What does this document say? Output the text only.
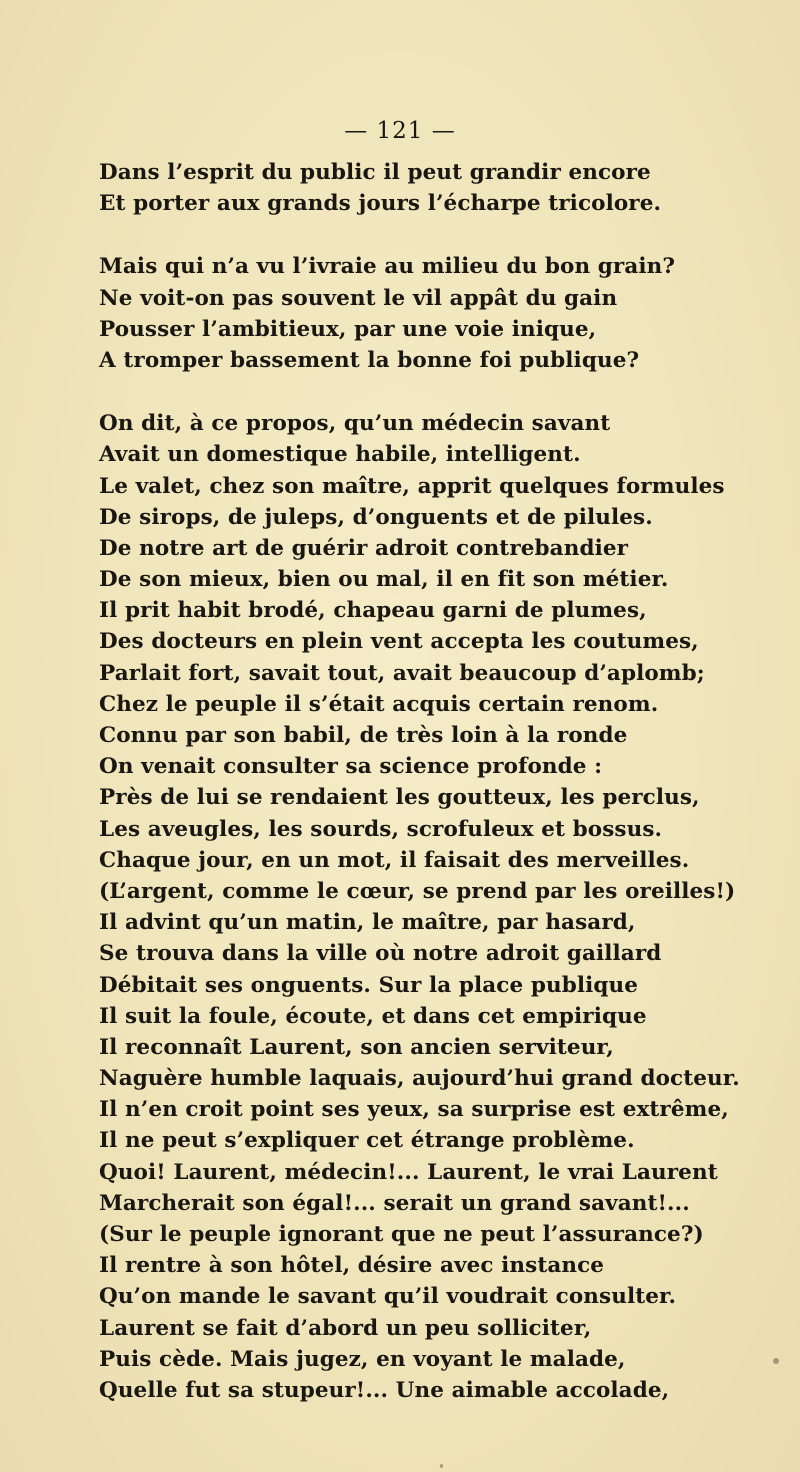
— 121 —
Dans l’esprit du public il peut grandir encore
Et porter aux grands jours l’écharpe tricolore.
Mais qui n’a vu l’ivraie au milieu du bon grain?
Ne voit-on pas souvent le vil appât du gain
Pousser l’ambitieux, par une voie inique,
A tromper bassement la bonne foi publique?
On dit, à ce propos, qu’un médecin savant
Avait un domestique habile, intelligent.
Le valet, chez son maître, apprit quelques formules
De sirops, de juleps, d’onguents et de pilules.
De notre art de guérir adroit contrebandier
De son mieux, bien ou mal, il en fit son métier.
Il prit habit brodé, chapeau garni de plumes,
Des docteurs en plein vent accepta les coutumes,
Parlait fort, savait tout, avait beaucoup d’aplomb;
Chez le peuple il s’était acquis certain renom.
Connu par son babil, de très loin à la ronde
On venait consulter sa science profonde :
Près de lui se rendaient les goutteux, les perclus,
Les aveugles, les sourds, scrofuleux et bossus.
Chaque jour, en un mot, il faisait des merveilles.
(L’argent, comme le cœur, se prend par les oreilles!)
Il advint qu’un matin, le maître, par hasard,
Se trouva dans la ville où notre adroit gaillard
Débitait ses onguents. Sur la place publique
Il suit la foule, écoute, et dans cet empirique
Il reconnaît Laurent, son ancien serviteur,
Naguère humble laquais, aujourd’hui grand docteur.
Il n’en croit point ses yeux, sa surprise est extrême,
Il ne peut s’expliquer cet étrange problème.
Quoi! Laurent, médecin!... Laurent, le vrai Laurent
Marcherait son égal!... serait un grand savant!...
(Sur le peuple ignorant que ne peut l’assurance?)
Il rentre à son hôtel, désire avec instance
Qu’on mande le savant qu’il voudrait consulter.
Laurent se fait d’abord un peu solliciter,
Puis cède. Mais jugez, en voyant le malade,
Quelle fut sa stupeur!... Une aimable accolade,
